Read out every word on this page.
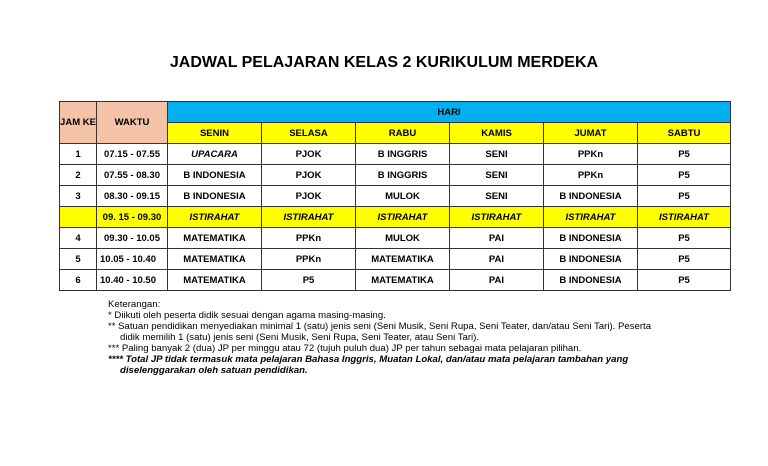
JADWAL PELAJARAN KELAS 2 KURIKULUM MERDEKA
JAM KE	WAKTU	HARI					
		SENIN	SELASA	RABU	KAMIS	JUMAT	SABTU
1	07.15 - 07.55	UPACARA	PJOK	B INGGRIS	SENI	PPKn	P5
2	07.55 - 08.30	B INDONESIA	PJOK	B INGGRIS	SENI	PPKn	P5
3	08.30 - 09.15	B INDONESIA	PJOK	MULOK	SENI	B INDONESIA	P5
	09. 15 - 09.30	ISTIRAHAT	ISTIRAHAT	ISTIRAHAT	ISTIRAHAT	ISTIRAHAT	ISTIRAHAT
4	09.30 - 10.05	MATEMATIKA	PPKn	MULOK	PAI	B INDONESIA	P5
5	10.05 - 10.40	MATEMATIKA	PPKn	MATEMATIKA	PAI	B INDONESIA	P5
6	10.40 - 10.50	MATEMATIKA	P5	MATEMATIKA	PAI	B INDONESIA	P5
Keterangan:
* Diikuti oleh peserta didik sesuai dengan agama masing-masing.
** Satuan pendidikan menyediakan minimal 1 (satu) jenis seni (Seni Musik, Seni Rupa, Seni Teater, dan/atau Seni Tari). Peserta
didik memilih 1 (satu) jenis seni (Seni Musik, Seni Rupa, Seni Teater, atau Seni Tari).
*** Paling banyak 2 (dua) JP per minggu atau 72 (tujuh puluh dua) JP per tahun sebagai mata pelajaran pilihan.
**** Total JP tidak termasuk mata pelajaran Bahasa Inggris, Muatan Lokal, dan/atau mata pelajaran tambahan yang
diselenggarakan oleh satuan pendidikan.
